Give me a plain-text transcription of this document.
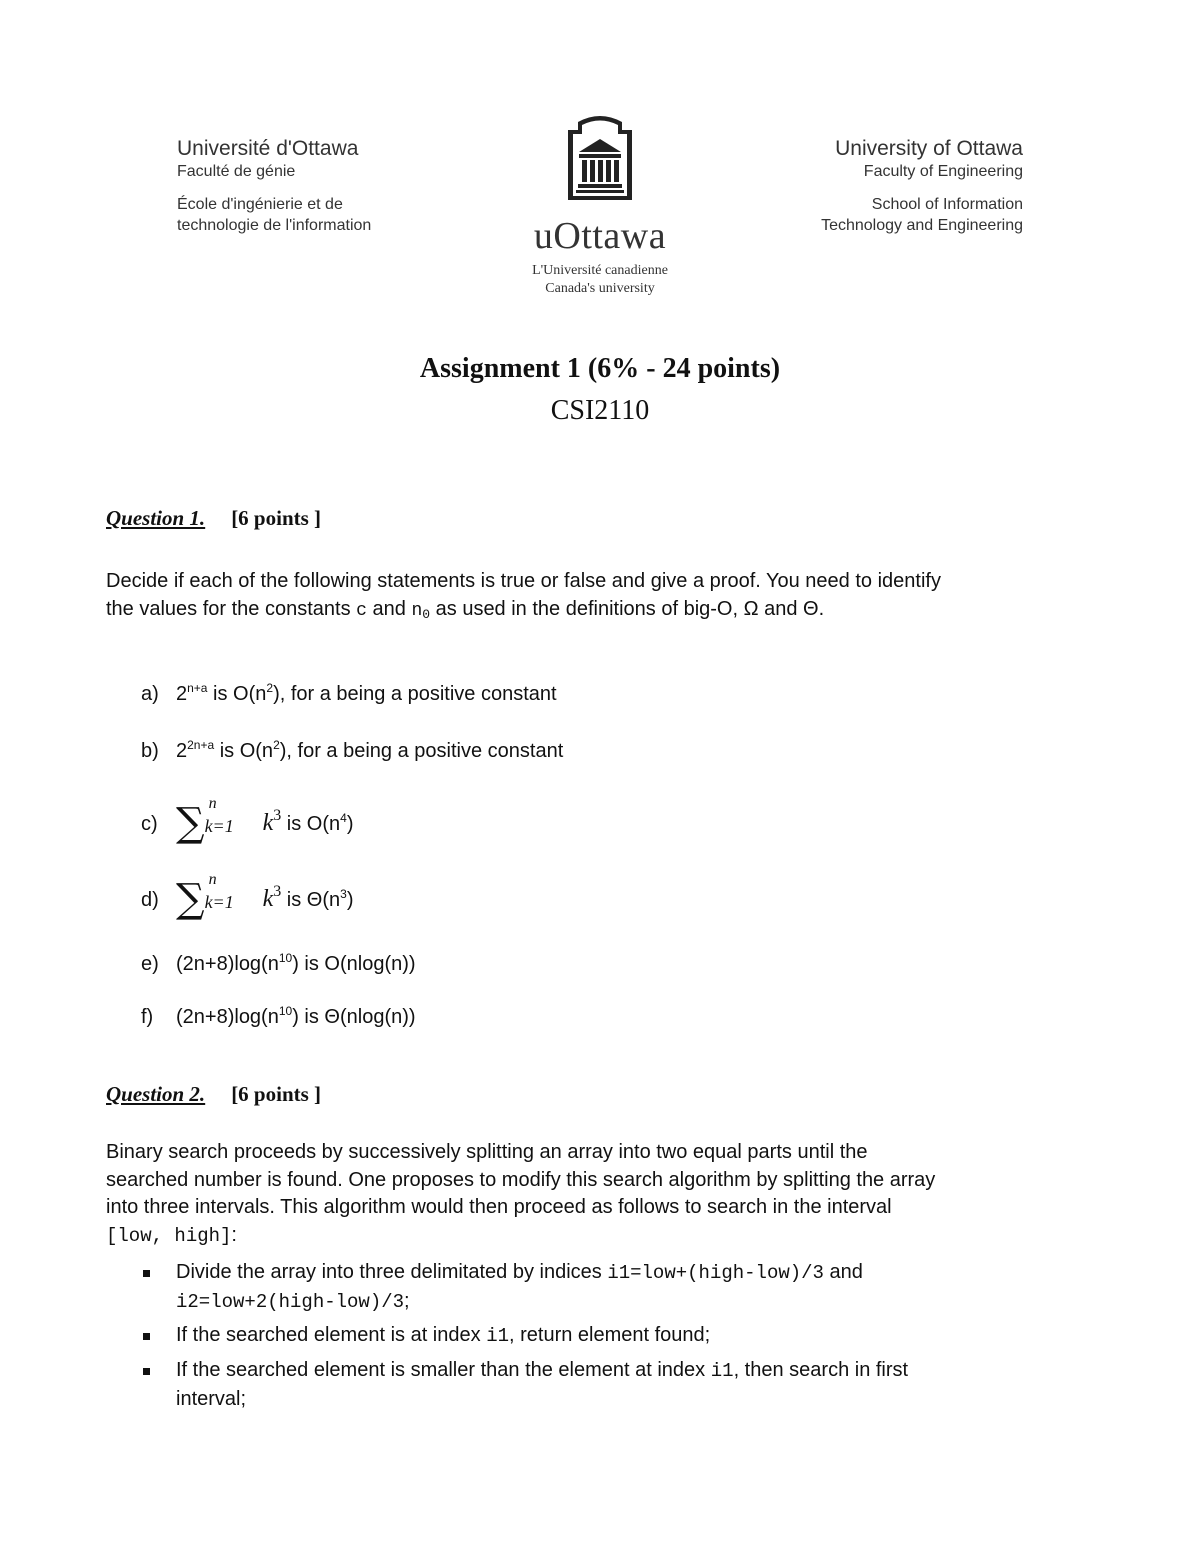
Université d'Ottawa
Faculté de génie
École d'ingénierie et de
technologie de l'information	uOttawa
L'Université canadienne
Canada's university
University of Ottawa
Faculty of Engineering
School of Information
Technology and Engineering
Assignment 1 (6% - 24 points)
CSI2110
Question 1. [6 points ]
Decide if each of the following statements is true or false and give a proof. You need to identify
the values for the constants c and n0 as used in the definitions of big-O, Ω and Θ.
a) $2^{n+a}$ is $O(n^2)$, for a being a positive constant
b) $2^{2n+a}$ is $O(n^2)$, for a being a positive constant
c) ∑ n
k=1 $k^3$ is $O(n^4)$
d) ∑ n
k=1 $k^3$ is $\Theta(n^3)$
e) $(2n+8)\log(n^{10})$ is O(nlog(n))
f) $(2n+8)\log(n^{10})$ is Θ(nlog(n))
Question 2. [6 points ]
Binary search proceeds by successively splitting an array into two equal parts until the
searched number is found. One proposes to modify this search algorithm by splitting the array
into three intervals. This algorithm would then proceed as follows to search in the interval
[low, high]:
Divide the array into three delimitated by indices i1=low+(high-low)/3 and
i2=low+2(high-low)/3;
If the searched element is at index i1, return element found;
If the searched element is smaller than the element at index i1, then search in first
interval;
